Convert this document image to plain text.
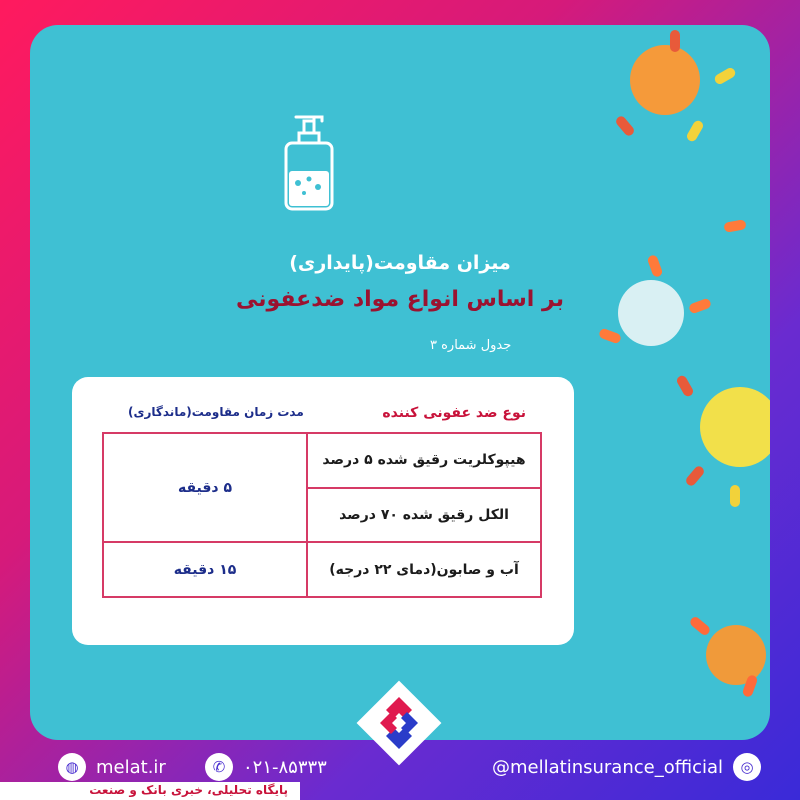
میزان مقاومت(پایداری)
بر اساس انواع مواد ضدعفونی
جدول شماره ۳
نوع ضد عفونی کننده
مدت زمان مقاومت(ماندگاری)
هیپوکلریت رقیق شده ۵ درصد	۵ دقیقه
الکل رقیق شده ۷۰ درصد	
آب و صابون(دمای ۲۲ درجه)	۱۵ دقیقه
◍ melat.ir	✆ ۰۲۱-۸۵۳۳۳	@mellatinsurance_official	◎
پایگاه تحلیلی، خبری بانک و صنعت
